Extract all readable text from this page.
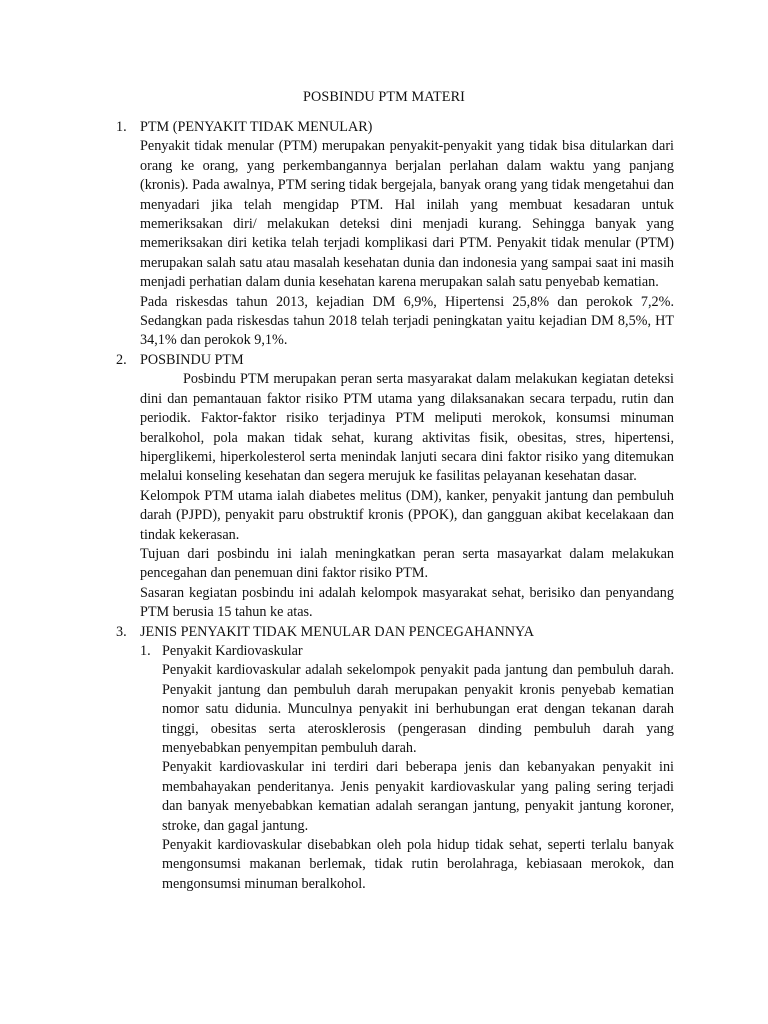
POSBINDU PTM MATERI
1. PTM (PENYAKIT TIDAK MENULAR)

Penyakit tidak menular (PTM) merupakan penyakit-penyakit yang tidak bisa ditularkan dari orang ke orang, yang perkembangannya berjalan perlahan dalam waktu yang panjang (kronis). Pada awalnya, PTM sering tidak bergejala, banyak orang yang tidak mengetahui dan menyadari jika telah mengidap PTM. Hal inilah yang membuat kesadaran untuk memeriksakan diri/ melakukan deteksi dini menjadi kurang. Sehingga banyak yang memeriksakan diri ketika telah terjadi komplikasi dari PTM. Penyakit tidak menular (PTM) merupakan salah satu atau masalah kesehatan dunia dan indonesia yang sampai saat ini masih menjadi perhatian dalam dunia kesehatan karena merupakan salah satu penyebab kematian.

Pada riskesdas tahun 2013, kejadian DM 6,9%, Hipertensi 25,8% dan perokok 7,2%. Sedangkan pada riskesdas tahun 2018 telah terjadi peningkatan yaitu kejadian DM 8,5%, HT 34,1% dan perokok 9,1%.

2. POSBINDU PTM

Posbindu PTM merupakan peran serta masyarakat dalam melakukan kegiatan deteksi dini dan pemantauan faktor risiko PTM utama yang dilaksanakan secara terpadu, rutin dan periodik. Faktor-faktor risiko terjadinya PTM meliputi merokok, konsumsi minuman beralkohol, pola makan tidak sehat, kurang aktivitas fisik, obesitas, stres, hipertensi, hiperglikemi, hiperkolesterol serta menindak lanjuti secara dini faktor risiko yang ditemukan melalui konseling kesehatan dan segera merujuk ke fasilitas pelayanan kesehatan dasar.

Kelompok PTM utama ialah diabetes melitus (DM), kanker, penyakit jantung dan pembuluh darah (PJPD), penyakit paru obstruktif kronis (PPOK), dan gangguan akibat kecelakaan dan tindak kekerasan.

Tujuan dari posbindu ini ialah meningkatkan peran serta masayarkat dalam melakukan pencegahan dan penemuan dini faktor risiko PTM.

Sasaran kegiatan posbindu ini adalah kelompok masyarakat sehat, berisiko dan penyandang PTM berusia 15 tahun ke atas.

3. JENIS PENYAKIT TIDAK MENULAR DAN PENCEGAHANNYA
1. Penyakit Kardiovaskular

Penyakit kardiovaskular adalah sekelompok penyakit pada jantung dan pembuluh darah. Penyakit jantung dan pembuluh darah merupakan penyakit kronis penyebab kematian nomor satu didunia. Munculnya penyakit ini berhubungan erat dengan tekanan darah tinggi, obesitas serta aterosklerosis (pengerasan dinding pembuluh darah yang menyebabkan penyempitan pembuluh darah.

Penyakit kardiovaskular ini terdiri dari beberapa jenis dan kebanyakan penyakit ini membahayakan penderitanya. Jenis penyakit kardiovaskular yang paling sering terjadi dan banyak menyebabkan kematian adalah serangan jantung, penyakit jantung koroner, stroke, dan gagal jantung.

Penyakit kardiovaskular disebabkan oleh pola hidup tidak sehat, seperti terlalu banyak mengonsumsi makanan berlemak, tidak rutin berolahraga, kebiasaan merokok, dan mengonsumsi minuman beralkohol.
